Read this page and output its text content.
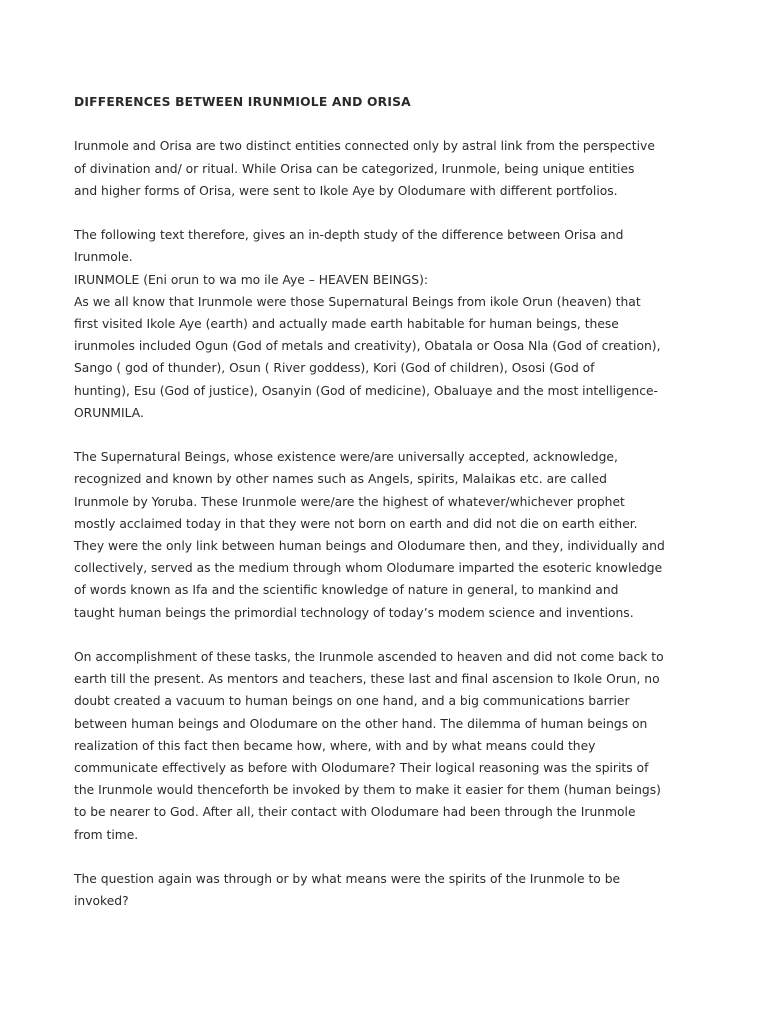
DIFFERENCES BETWEEN IRUNMIOLE AND ORISA

Irunmole and Orisa are two distinct entities connected only by astral link from the perspective
of divination and/ or ritual. While Orisa can be categorized, Irunmole, being unique entities
and higher forms of Orisa, were sent to Ikole Aye by Olodumare with different portfolios.

The following text therefore, gives an in-depth study of the difference between Orisa and
Irunmole.
IRUNMOLE (Eni orun to wa mo ile Aye – HEAVEN BEINGS):
As we all know that Irunmole were those Supernatural Beings from ikole Orun (heaven) that
first visited Ikole Aye (earth) and actually made earth habitable for human beings, these
irunmoles included Ogun (God of metals and creativity), Obatala or Oosa Nla (God of creation),
Sango ( god of thunder), Osun ( River goddess), Kori (God of children), Ososi (God of
hunting), Esu (God of justice), Osanyin (God of medicine), Obaluaye and the most intelligence-
ORUNMILA.

The Supernatural Beings, whose existence were/are universally accepted, acknowledge,
recognized and known by other names such as Angels, spirits, Malaikas etc. are called
Irunmole by Yoruba. These Irunmole were/are the highest of whatever/whichever prophet
mostly acclaimed today in that they were not born on earth and did not die on earth either.
They were the only link between human beings and Olodumare then, and they, individually and
collectively, served as the medium through whom Olodumare imparted the esoteric knowledge
of words known as Ifa and the scientific knowledge of nature in general, to mankind and
taught human beings the primordial technology of today’s modem science and inventions.

On accomplishment of these tasks, the Irunmole ascended to heaven and did not come back to
earth till the present. As mentors and teachers, these last and final ascension to Ikole Orun, no
doubt created a vacuum to human beings on one hand, and a big communications barrier
between human beings and Olodumare on the other hand. The dilemma of human beings on
realization of this fact then became how, where, with and by what means could they
communicate effectively as before with Olodumare? Their logical reasoning was the spirits of
the Irunmole would thenceforth be invoked by them to make it easier for them (human beings)
to be nearer to God. After all, their contact with Olodumare had been through the Irunmole
from time.

The question again was through or by what means were the spirits of the Irunmole to be
invoked?
